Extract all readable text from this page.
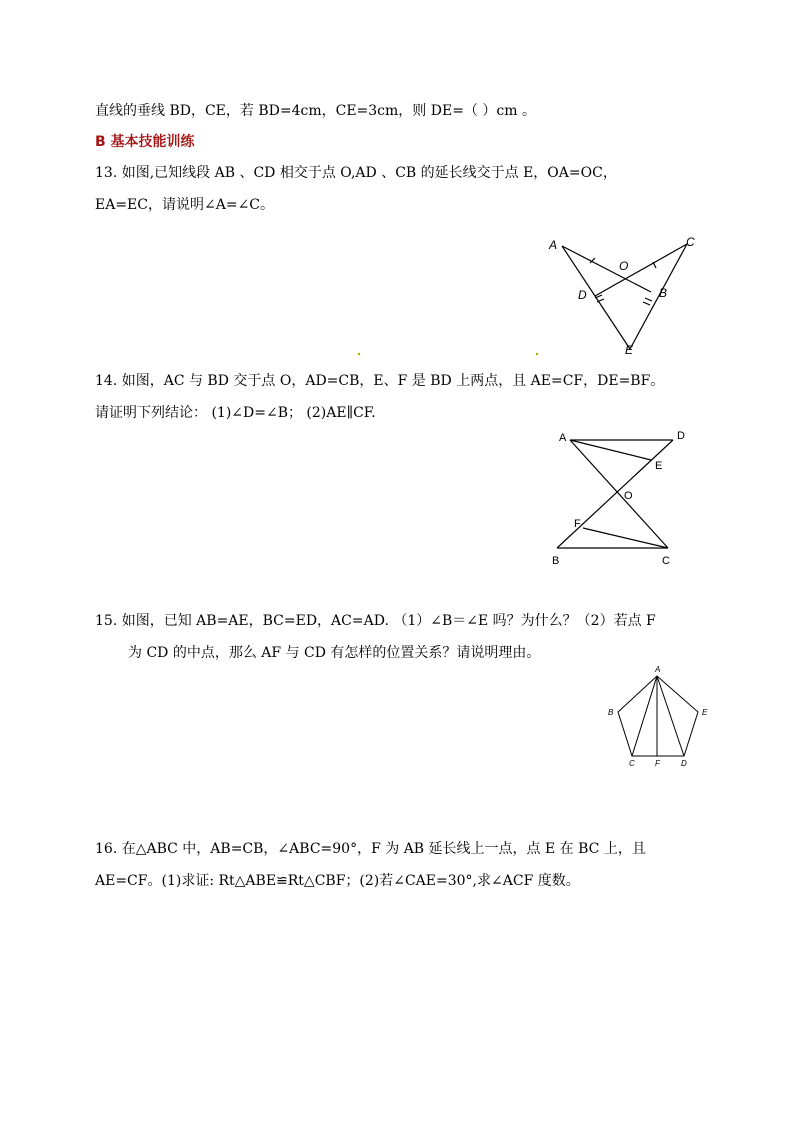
直线的垂线 BD，CE，若 BD=4cm，CE=3cm，则 DE=（ ）cm 。
B 基本技能训练
13. 如图,已知线段 AB 、CD 相交于点 O,AD 、CB 的延长线交于点 E，OA=OC，
EA=EC，请说明∠A=∠C。
A	C
O
D	B
E
14. 如图，AC 与 BD 交于点 O，AD=CB，E、F 是 BD 上两点，且 AE=CF，DE=BF。
请证明下列结论： (1)∠D=∠B； (2)AE∥CF.
A	D
E
O
F
B	C
15. 如图，已知 AB=AE，BC=ED，AC=AD. （1）∠B＝∠E 吗？为什么？（2）若点 F
为 CD 的中点，那么 AF 与 CD 有怎样的位置关系？请说明理由。
A
B	E
C	F	D
16. 在△ABC 中，AB=CB，∠ABC=90°，F 为 AB 延长线上一点，点 E 在 BC 上，且
AE=CF。(1)求证: Rt△ABE≌Rt△CBF；(2)若∠CAE=30°,求∠ACF 度数。
